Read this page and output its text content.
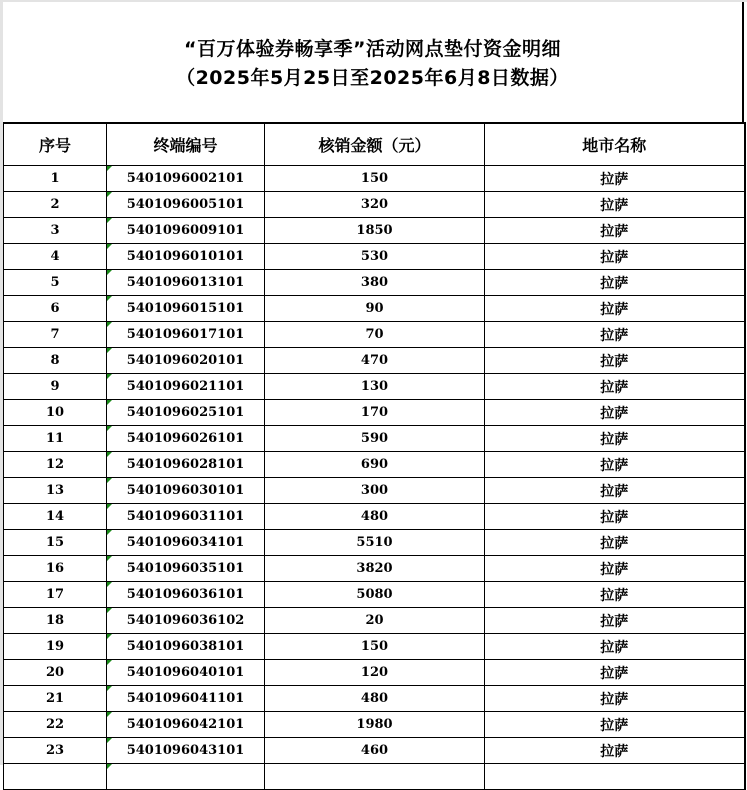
“百万体验券畅享季”活动网点垫付资金明细
（2025年5月25日至2025年6月8日数据）
序号	终端编号	核销金额（元）	地市名称
1	5401096002101	150	拉萨
2	5401096005101	320	拉萨
3	5401096009101	1850	拉萨
4	5401096010101	530	拉萨
5	5401096013101	380	拉萨
6	5401096015101	90	拉萨
7	5401096017101	70	拉萨
8	5401096020101	470	拉萨
9	5401096021101	130	拉萨
10	5401096025101	170	拉萨
11	5401096026101	590	拉萨
12	5401096028101	690	拉萨
13	5401096030101	300	拉萨
14	5401096031101	480	拉萨
15	5401096034101	5510	拉萨
16	5401096035101	3820	拉萨
17	5401096036101	5080	拉萨
18	5401096036102	20	拉萨
19	5401096038101	150	拉萨
20	5401096040101	120	拉萨
21	5401096041101	480	拉萨
22	5401096042101	1980	拉萨
23	5401096043101	460	拉萨
